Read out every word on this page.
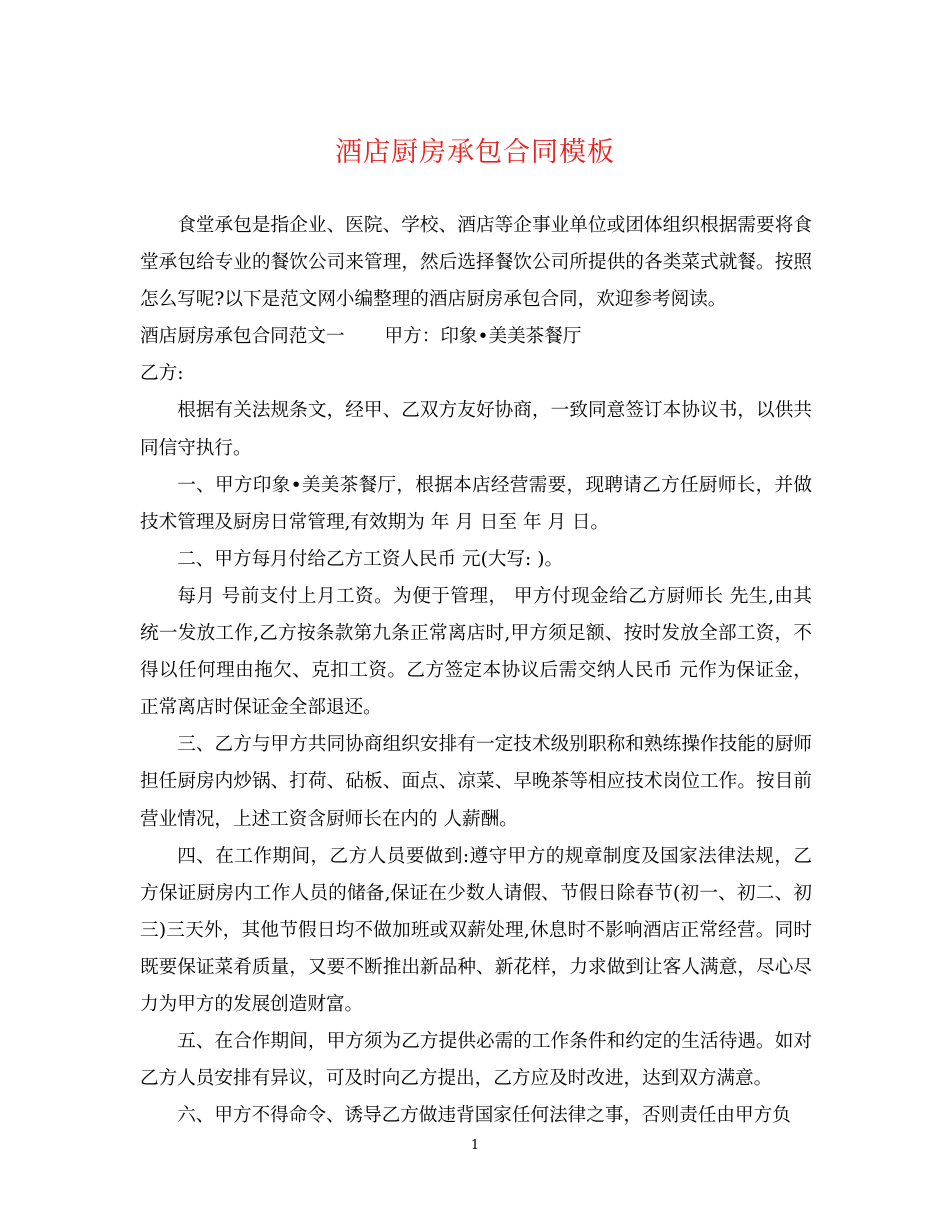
酒店厨房承包合同模板

食堂承包是指企业、医院、学校、酒店等企事业单位或团体组织根据需要将食堂承包给专业的餐饮公司来管理，然后选择餐饮公司所提供的各类菜式就餐。按照怎么写呢?以下是范文网小编整理的酒店厨房承包合同，欢迎参考阅读。

酒店厨房承包合同范文一 甲方：印象•美美茶餐厅

乙方:

根据有关法规条文，经甲、乙双方友好协商，一致同意签订本协议书，以供共同信守执行。

一、甲方印象•美美茶餐厅，根据本店经营需要，现聘请乙方任厨师长，并做技术管理及厨房日常管理,有效期为 年 月 日至 年 月 日。

二、甲方每月付给乙方工资人民币 元(大写: )。

每月 号前支付上月工资。为便于管理， 甲方付现金给乙方厨师长 先生,由其统一发放工作,乙方按条款第九条正常离店时,甲方须足额、按时发放全部工资，不得以任何理由拖欠、克扣工资。乙方签定本协议后需交纳人民币 元作为保证金，正常离店时保证金全部退还。

三、乙方与甲方共同协商组织安排有一定技术级别职称和熟练操作技能的厨师担任厨房内炒锅、打荷、砧板、面点、凉菜、早晚茶等相应技术岗位工作。按目前营业情况，上述工资含厨师长在内的 人薪酬。

四、在工作期间，乙方人员要做到:遵守甲方的规章制度及国家法律法规，乙方保证厨房内工作人员的储备,保证在少数人请假、节假日除春节(初一、初二、初三)三天外，其他节假日均不做加班或双薪处理,休息时不影响酒店正常经营。同时既要保证菜肴质量，又要不断推出新品种、新花样，力求做到让客人满意，尽心尽力为甲方的发展创造财富。

五、在合作期间，甲方须为乙方提供必需的工作条件和约定的生活待遇。如对乙方人员安排有异议，可及时向乙方提出，乙方应及时改进，达到双方满意。

六、甲方不得命令、诱导乙方做违背国家任何法律之事，否则责任由甲方负

1
